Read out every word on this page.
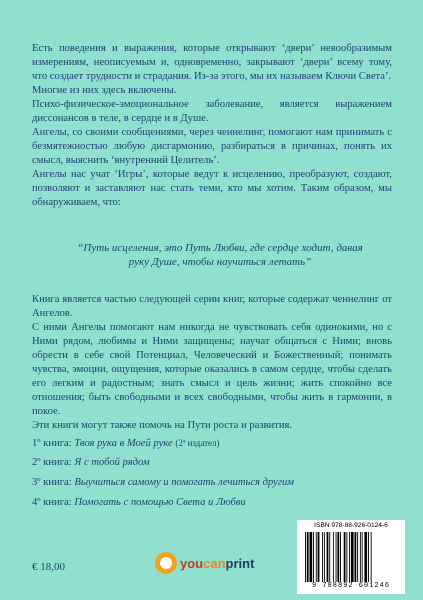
Есть поведения и выражения, которые открывают ‘двери’ невообразимым измерениям, неописуемым и, одновременно, закрывают ‘двери’ всему тому, что создает трудности и страдания. Из-за этого, мы их называем Ключи Света’.

Многие из них здесь включены.

Психо-физическое-эмоциональное заболевание, является выражением диссонансов в теле, в сердце и в Душе.

Ангелы, со своими сообщениями, через ченнелинг, помогают нам принимать с безмятежностью любую дисгармонию, разбираться в причинах, понять их смысл, выяснить ‘внутренний Целитель’.

Ангелы нас учат ‘Игры’, которые ведут к исцелению, преобразуют, создают, позволяют и заставляют нас стать теми, кто мы хотим. Таким образом, мы обнаруживаем, что:

“Путь исцеления, это Путь Любви, где сердце ходит, давая руку Душе, чтобы научиться летать”

Книга является частью следующей серии книг, которые содержат ченнелинг от Ангелов.

С ними Ангелы помогают нам никогда не чувствовать себя одинокими, но с Ними рядом, любимы и Ними защищены; научат общаться с Ними; вновь обрести в себе свой Потенциал, Человеческий и Божественный; понимать чувства, эмоции, ощущения, которые оказались в самом сердце, чтобы сделать его легким и радостным; знать смысл и цель жизни; жить спокойно все отношения; быть свободными и всех свободными, чтобы жить в гармонии, в покое.

Эти книги могут также помочь на Пути роста и развития.

1º книга: Твоя рука в Моей руке (2ª издател)
2º книга: Я с тобой рядом
3º книга: Выучиться самому и помогать лечиться другим
4º книга: Помогать с помощью Света и Любви
€ 18,00	youcanprint
ISBN 978-88-926-0124-6
9 788892 601246
